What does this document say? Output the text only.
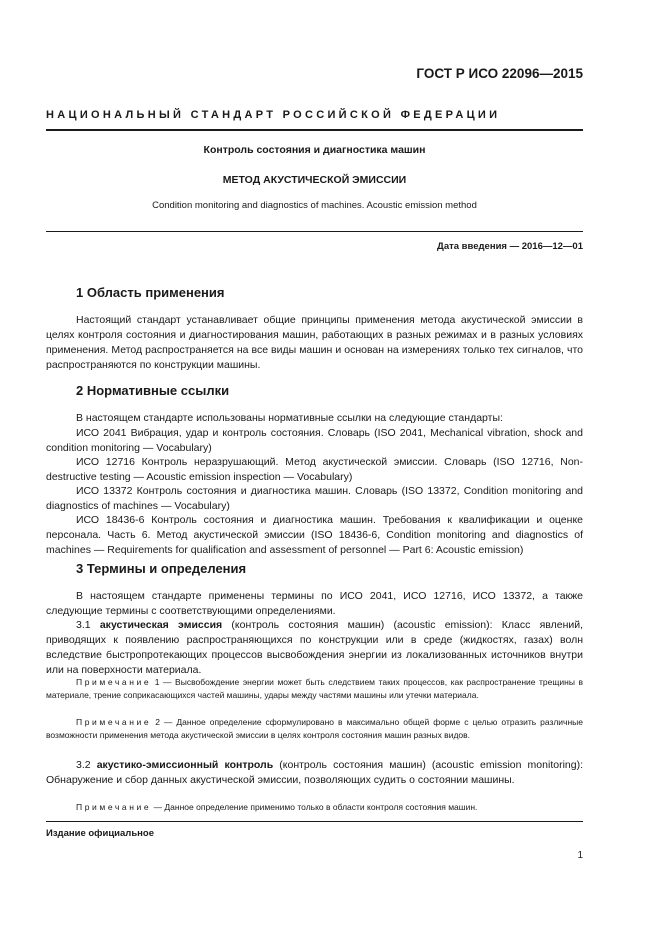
ГОСТ Р ИСО 22096—2015
НАЦИОНАЛЬНЫЙ СТАНДАРТ РОССИЙСКОЙ ФЕДЕРАЦИИ
Контроль состояния и диагностика машин
МЕТОД АКУСТИЧЕСКОЙ ЭМИССИИ
Condition monitoring and diagnostics of machines. Acoustic emission method
Дата введения — 2016—12—01
1 Область применения
Настоящий стандарт устанавливает общие принципы применения метода акустической эмиссии в целях контроля состояния и диагностирования машин, работающих в разных режимах и в разных условиях применения. Метод распространяется на все виды машин и основан на измерениях только тех сигналов, что распространяются по конструкции машины.
2 Нормативные ссылки
В настоящем стандарте использованы нормативные ссылки на следующие стандарты:
ИСО 2041 Вибрация, удар и контроль состояния. Словарь (ISO 2041, Mechanical vibration, shock and condition monitoring — Vocabulary)
ИСО 12716 Контроль неразрушающий. Метод акустической эмиссии. Словарь (ISO 12716, Non-destructive testing — Acoustic emission inspection — Vocabulary)
ИСО 13372 Контроль состояния и диагностика машин. Словарь (ISO 13372, Condition monitoring and diagnostics of machines — Vocabulary)
ИСО 18436-6 Контроль состояния и диагностика машин. Требования к квалификации и оценке персонала. Часть 6. Метод акустической эмиссии (ISO 18436-6, Condition monitoring and diagnostics of machines — Requirements for qualification and assessment of personnel — Part 6: Acoustic emission)
3 Термины и определения
В настоящем стандарте применены термины по ИСО 2041, ИСО 12716, ИСО 13372, а также следующие термины с соответствующими определениями.
3.1 акустическая эмиссия (контроль состояния машин) (acoustic emission): Класс явлений, приводящих к появлению распространяющихся по конструкции или в среде (жидкостях, газах) волн вследствие быстропротекающих процессов высвобождения энергии из локализованных источников внутри или на поверхности материала.
Примечание 1 — Высвобождение энергии может быть следствием таких процессов, как распространение трещины в материале, трение соприкасающихся частей машины, удары между частями машины или утечки материала.
Примечание 2 — Данное определение сформулировано в максимально общей форме с целью отразить различные возможности применения метода акустической эмиссии в целях контроля состояния машин разных видов.
3.2 акустико-эмиссионный контроль (контроль состояния машин) (acoustic emission monitoring): Обнаружение и сбор данных акустической эмиссии, позволяющих судить о состоянии машины.
Примечание — Данное определение применимо только в области контроля состояния машин.
Издание официальное
1
